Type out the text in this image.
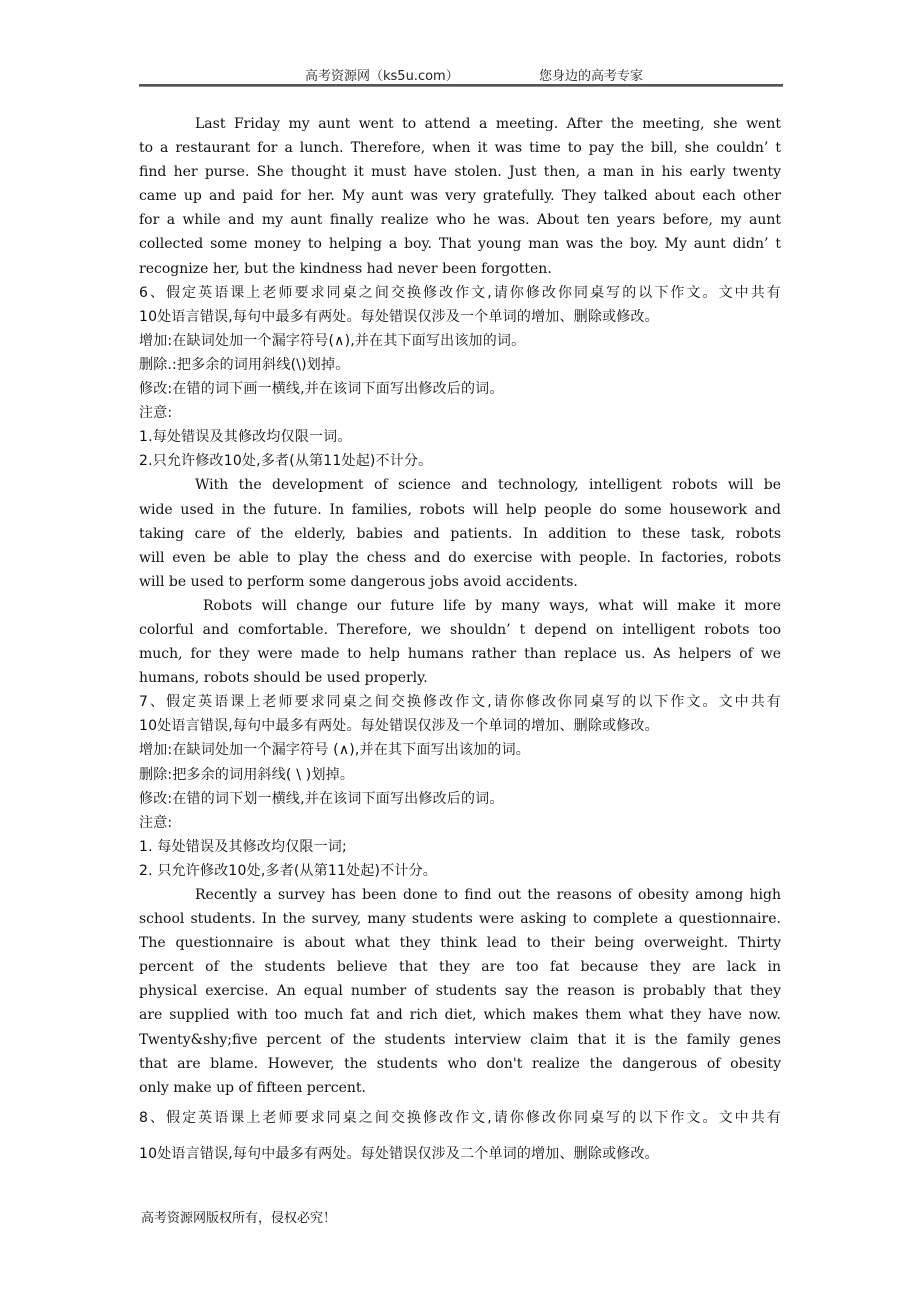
高考资源网（ks5u.com）	您身边的高考专家
Last Friday my aunt went to attend a meeting. After the meeting, she went
to a restaurant for a lunch. Therefore, when it was time to pay the bill, she couldn’ t
find her purse. She thought it must have stolen. Just then, a man in his early twenty
came up and paid for her. My aunt was very gratefully. They talked about each other
for a while and my aunt finally realize who he was. About ten years before, my aunt
collected some money to helping a boy. That young man was the boy. My aunt didn’ t
recognize her, but the kindness had never been forgotten.
6、假定英语课上老师要求同桌之间交换修改作文,请你修改你同桌写的以下作文。文中共有
10处语言错误,每句中最多有两处。每处错误仅涉及一个单词的增加、删除或修改。
增加:在缺词处加一个漏字符号(∧),并在其下面写出该加的词。
删除.:把多余的词用斜线(\)划掉。
修改:在错的词下画一横线,并在该词下面写出修改后的词。
注意:
1.每处错误及其修改均仅限一词。
2.只允许修改10处,多者(从第11处起)不计分。
With the development of science and technology, intelligent robots will be
wide used in the future. In families, robots will help people do some housework and
taking care of the elderly, babies and patients. In addition to these task, robots
will even be able to play the chess and do exercise with people. In factories, robots
will be used to perform some dangerous jobs avoid accidents.
Robots will change our future life by many ways, what will make it more
colorful and comfortable. Therefore, we shouldn’ t depend on intelligent robots too
much, for they were made to help humans rather than replace us. As helpers of we
humans, robots should be used properly.
7、假定英语课上老师要求同桌之间交换修改作文,请你修改你同桌写的以下作文。文中共有
10处语言错误,每句中最多有两处。每处错误仅涉及一个单词的增加、删除或修改。
增加:在缺词处加一个漏字符号 (∧),并在其下面写出该加的词。
删除:把多余的词用斜线( \ )划掉。
修改:在错的词下划一横线,并在该词下面写出修改后的词。
注意:
1. 每处错误及其修改均仅限一词;
2. 只允许修改10处,多者(从第11处起)不计分。
Recently a survey has been done to find out the reasons of obesity among high
school students. In the survey, many students were asking to complete a questionnaire.
The questionnaire is about what they think lead to their being overweight. Thirty
percent of the students believe that they are too fat because they are lack in
physical exercise. An equal number of students say the reason is probably that they
are supplied with too much fat and rich diet, which makes them what they have now.
Twenty&shy;five percent of the students interview claim that it is the family genes
that are blame. However, the students who don't realize the dangerous of obesity
only make up of fifteen percent.
8、假定英语课上老师要求同桌之间交换修改作文,请你修改你同桌写的以下作文。文中共有
10处语言错误,每句中最多有两处。每处错误仅涉及二个单词的增加、删除或修改。
高考资源网版权所有，侵权必究！
